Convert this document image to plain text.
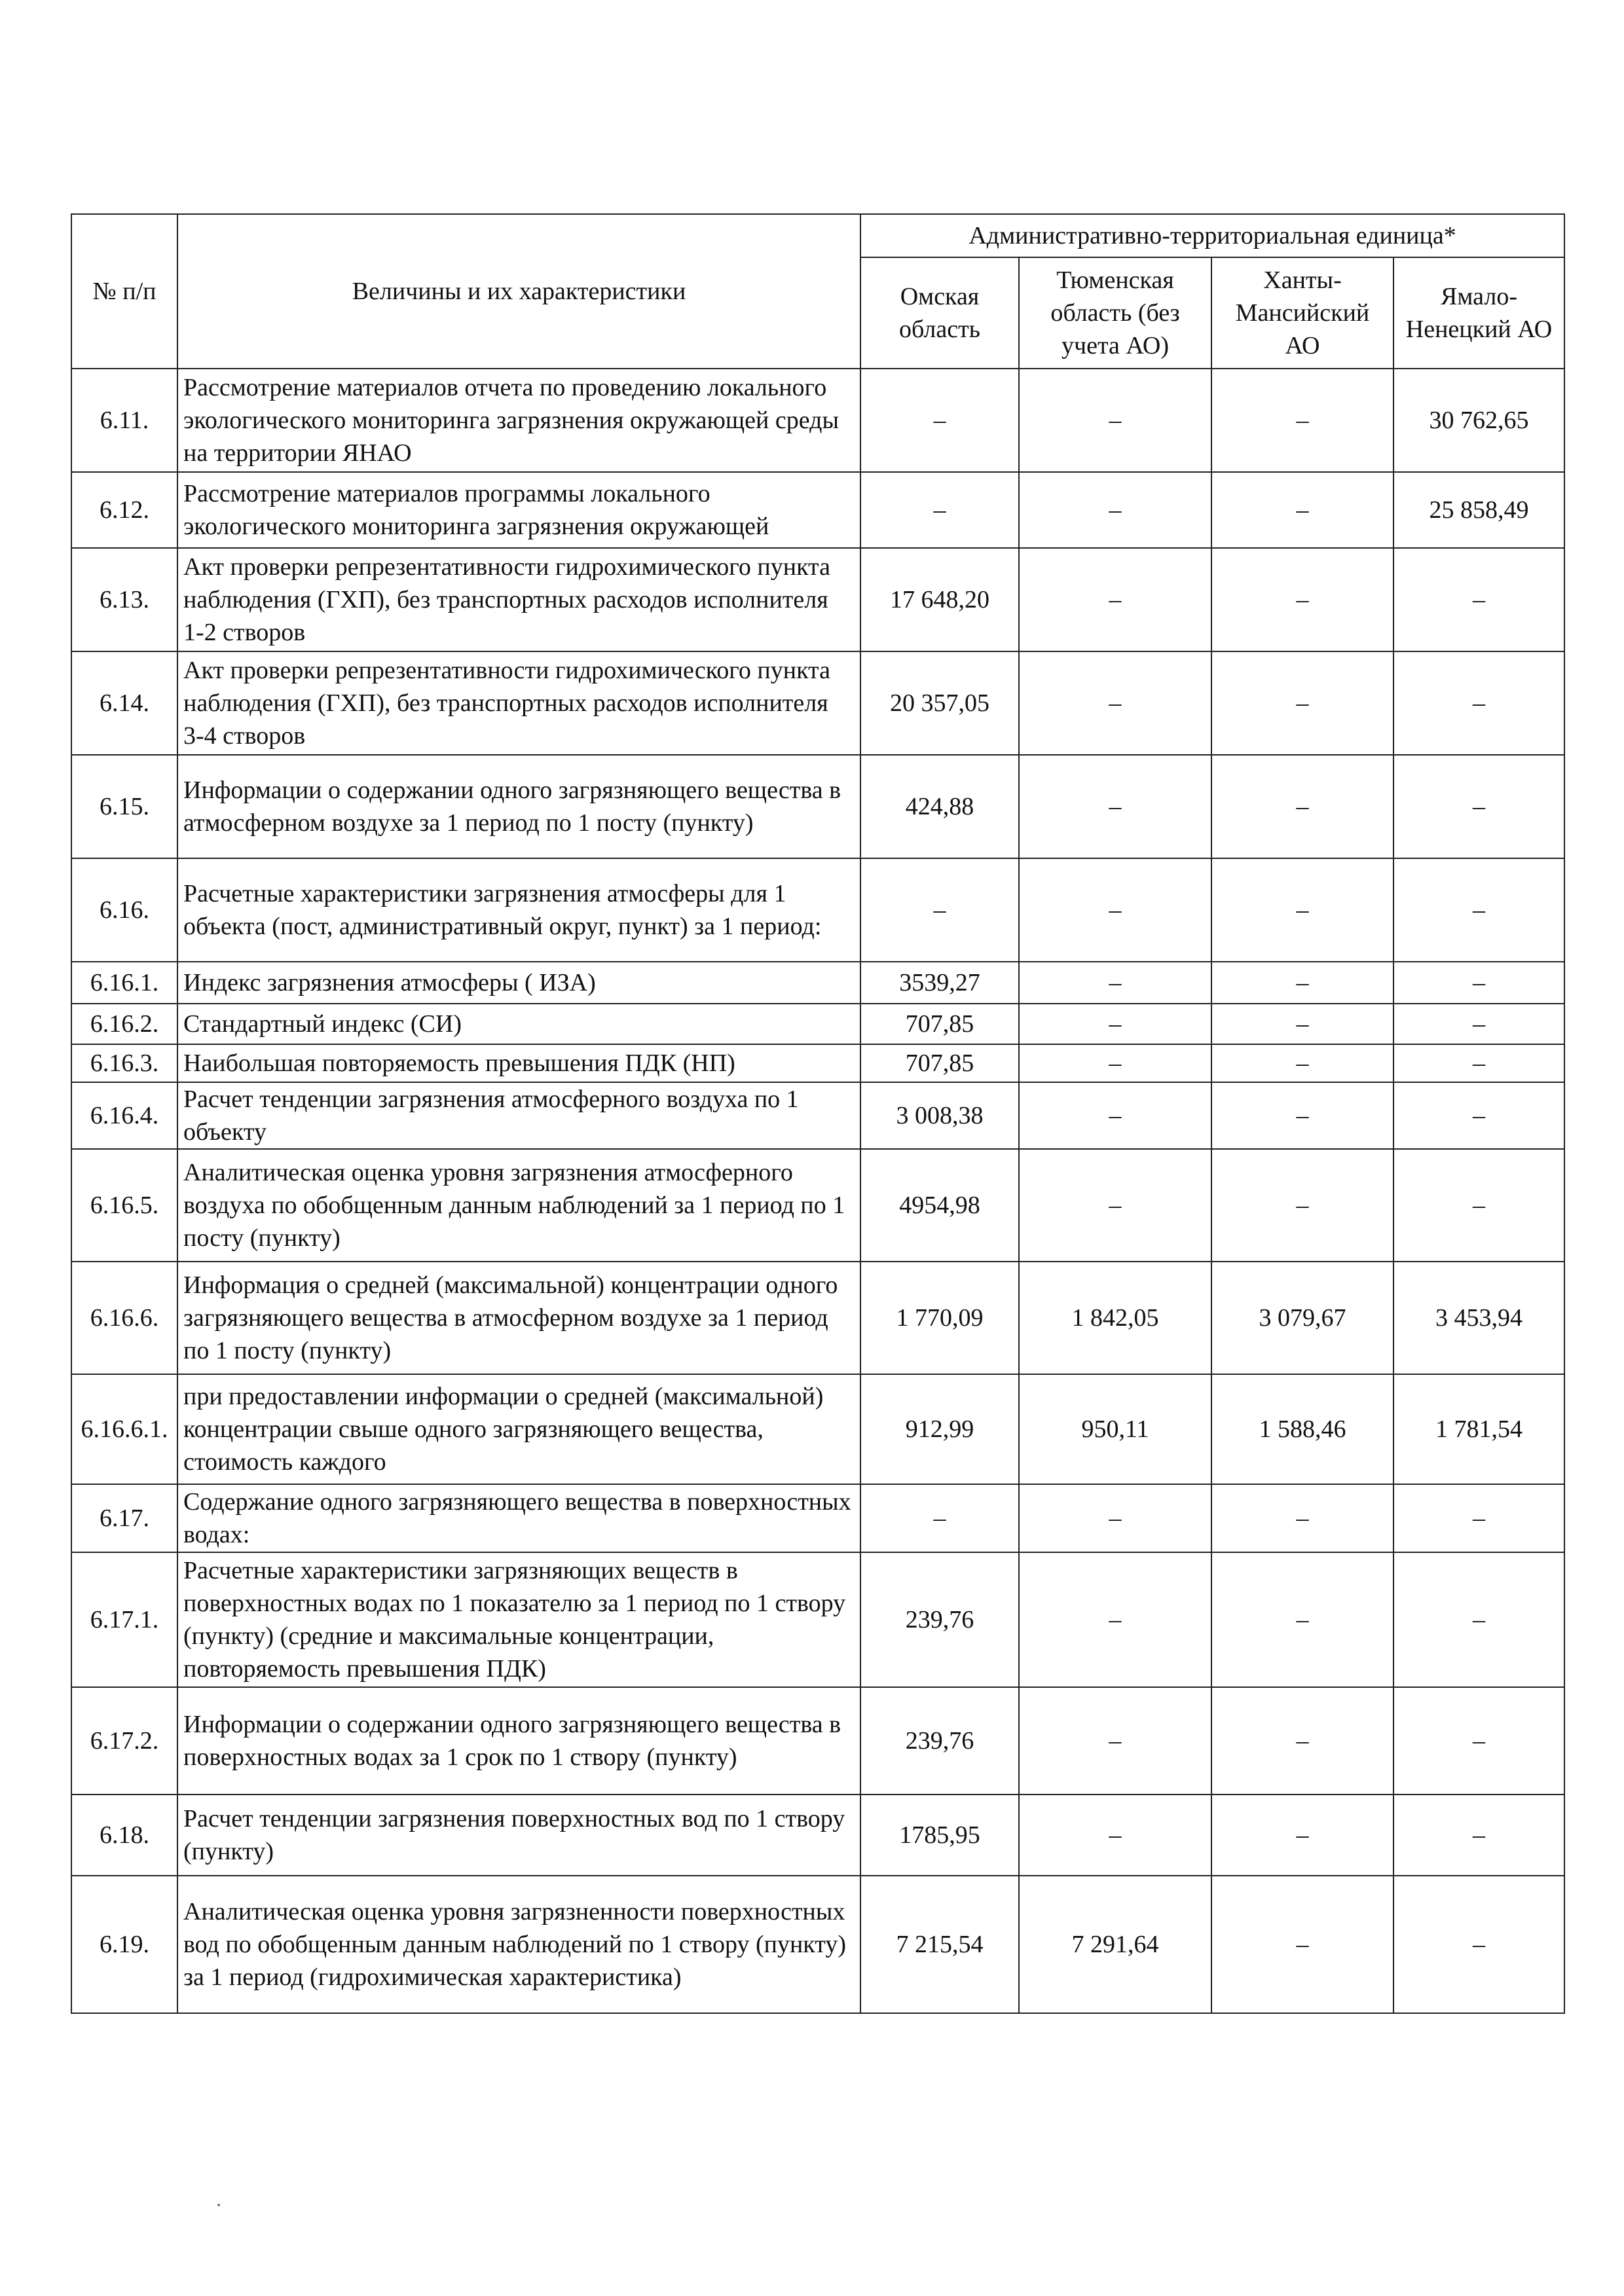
№ п/п	Величины и их характеристики	Административно-территориальная единица*			
		Омская область	Тюменская область (без учета АО)	Ханты-Мансийский АО	Ямало-Ненецкий АО
6.11.	Рассмотрение материалов отчета по проведению локального экологического мониторинга загрязнения окружающей среды на территории ЯНАО	–	–	–	30 762,65
6.12.	Рассмотрение материалов программы локального экологического мониторинга загрязнения окружающей	–	–	–	25 858,49
6.13.	Акт проверки репрезентативности гидрохимического пункта наблюдения (ГХП), без транспортных расходов исполнителя 1-2 створов	17 648,20	–	–	–
6.14.	Акт проверки репрезентативности гидрохимического пункта наблюдения (ГХП), без транспортных расходов исполнителя 3-4 створов	20 357,05	–	–	–
6.15.	Информации о содержании одного загрязняющего вещества в атмосферном воздухе за 1 период по 1 посту (пункту)	424,88	–	–	–
6.16.	Расчетные характеристики загрязнения атмосферы для 1 объекта (пост, административный округ, пункт) за 1 период:	–	–	–	–
6.16.1.	Индекс загрязнения атмосферы ( ИЗА)	3539,27	–	–	–
6.16.2.	Стандартный индекс (СИ)	707,85	–	–	–
6.16.3.	Наибольшая повторяемость превышения ПДК (НП)	707,85	–	–	–
6.16.4.	Расчет тенденции загрязнения атмосферного воздуха по 1 объекту	3 008,38	–	–	–
6.16.5.	Аналитическая оценка уровня загрязнения атмосферного воздуха по обобщенным данным наблюдений за 1 период по 1 посту (пункту)	4954,98	–	–	–
6.16.6.	Информация о средней (максимальной) концентрации одного загрязняющего вещества в атмосферном воздухе за 1 период по 1 посту (пункту)	1 770,09	1 842,05	3 079,67	3 453,94
6.16.6.1.	при предоставлении информации о средней (максимальной) концентрации свыше одного загрязняющего вещества, стоимость каждого	912,99	950,11	1 588,46	1 781,54
6.17.	Содержание одного загрязняющего вещества в поверхностных водах:	–	–	–	–
6.17.1.	Расчетные характеристики загрязняющих веществ в поверхностных водах по 1 показателю за 1 период по 1 створу (пункту) (средние и максимальные концентрации, повторяемость превышения ПДК)	239,76	–	–	–
6.17.2.	Информации о содержании одного загрязняющего вещества в поверхностных водах за 1 срок по 1 створу (пункту)	239,76	–	–	–
6.18.	Расчет тенденции загрязнения поверхностных вод по 1 створу (пункту)	1785,95	–	–	–
6.19.	Аналитическая оценка уровня загрязненности поверхностных вод по обобщенным данным наблюдений по 1 створу (пункту) за 1 период (гидрохимическая характеристика)	7 215,54	7 291,64	–	–
